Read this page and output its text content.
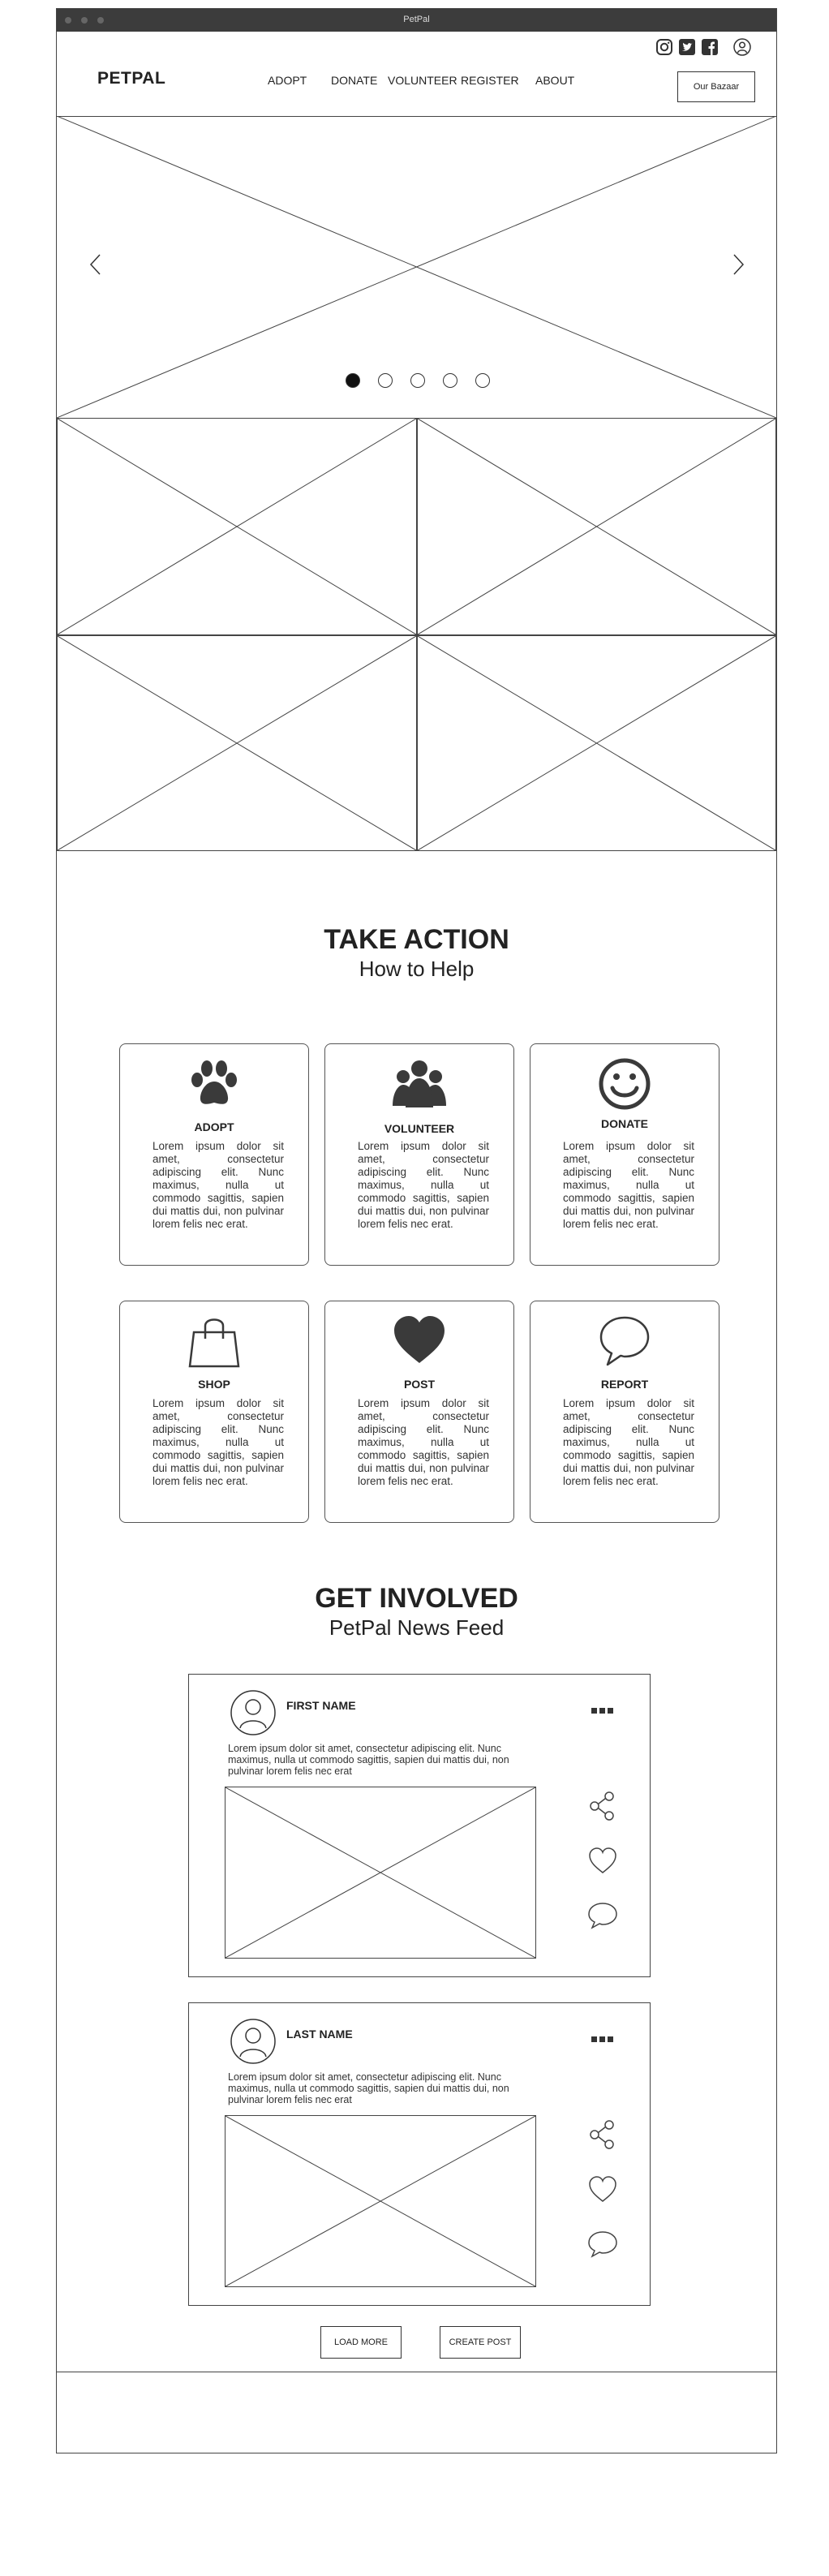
PetPal
PETPAL	ADOPT DONATE VOLUNTEER REGISTER ABOUT	Our Bazaar
TAKE ACTION
How to Help
ADOPT
Lorem ipsum dolor sit amet, consectetur adipiscing elit. Nunc maximus, nulla ut commodo sagittis, sapien dui mattis dui, non pulvinar lorem felis nec erat.
VOLUNTEER
Lorem ipsum dolor sit amet, consectetur adipiscing elit. Nunc maximus, nulla ut commodo sagittis, sapien dui mattis dui, non pulvinar lorem felis nec erat.
DONATE
Lorem ipsum dolor sit amet, consectetur adipiscing elit. Nunc maximus, nulla ut commodo sagittis, sapien dui mattis dui, non pulvinar lorem felis nec erat.
SHOP
Lorem ipsum dolor sit amet, consectetur adipiscing elit. Nunc maximus, nulla ut commodo sagittis, sapien dui mattis dui, non pulvinar lorem felis nec erat.
POST
Lorem ipsum dolor sit amet, consectetur adipiscing elit. Nunc maximus, nulla ut commodo sagittis, sapien dui mattis dui, non pulvinar lorem felis nec erat.
REPORT
Lorem ipsum dolor sit amet, consectetur adipiscing elit. Nunc maximus, nulla ut commodo sagittis, sapien dui mattis dui, non pulvinar lorem felis nec erat.
GET INVOLVED
PetPal News Feed
FIRST NAME
Lorem ipsum dolor sit amet, consectetur adipiscing elit. Nunc maximus, nulla ut commodo sagittis, sapien dui mattis dui, non pulvinar lorem felis nec erat
LAST NAME
Lorem ipsum dolor sit amet, consectetur adipiscing elit. Nunc maximus, nulla ut commodo sagittis, sapien dui mattis dui, non pulvinar lorem felis nec erat
LOAD MORE	CREATE POST
